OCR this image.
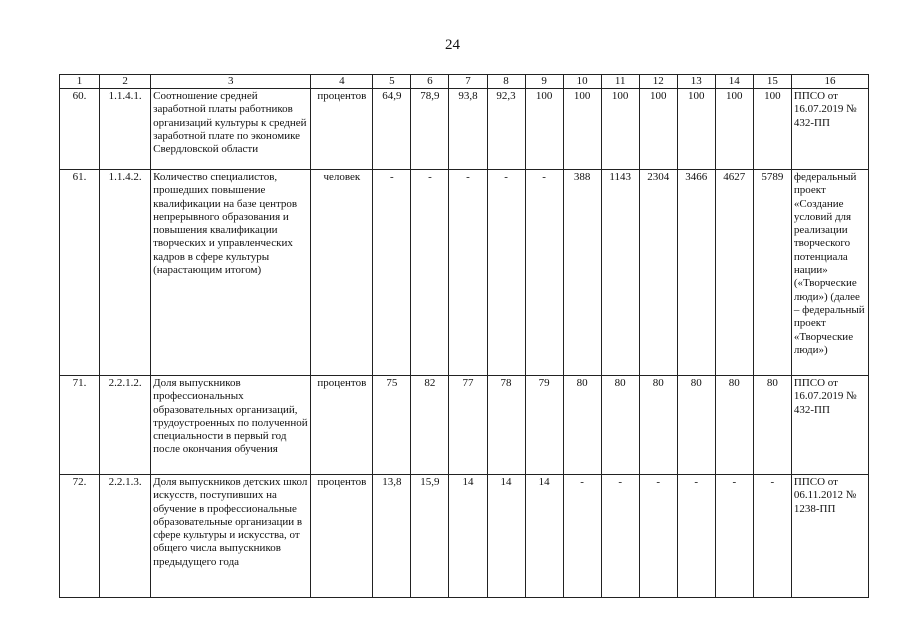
24
1	2	3	4	5	6	7	8	9	10	11	12	13	14	15	16
60.	1.1.4.1.	Соотношение средней заработной платы работников организаций культуры к средней заработной плате по экономике Свердловской области	процентов	64,9	78,9	93,8	92,3	100	100	100	100	100	100	100	ППСО от 16.07.2019 № 432-ПП
61.	1.1.4.2.	Количество специалистов, прошедших повышение квалификации на базе центров непрерывного образования и повышения квалификации творческих и управленческих кадров в сфере культуры (нарастающим итогом)	человек	-	-	-	-	-	388	1143	2304	3466	4627	5789	федеральный проект «Создание условий для реализации творческого потенциала нации» («Творческие люди») (далее – федеральный проект «Творческие люди»)
71.	2.2.1.2.	Доля выпускников профессиональных образовательных организаций, трудоустроенных по полученной специальности в первый год после окончания обучения	процентов	75	82	77	78	79	80	80	80	80	80	80	ППСО от 16.07.2019 № 432-ПП
72.	2.2.1.3.	Доля выпускников детских школ искусств, поступивших на обучение в профессиональные образовательные организации в сфере культуры и искусства, от общего числа выпускников предыдущего года	процентов	13,8	15,9	14	14	14	-	-	-	-	-	-	ППСО от 06.11.2012 № 1238-ПП
